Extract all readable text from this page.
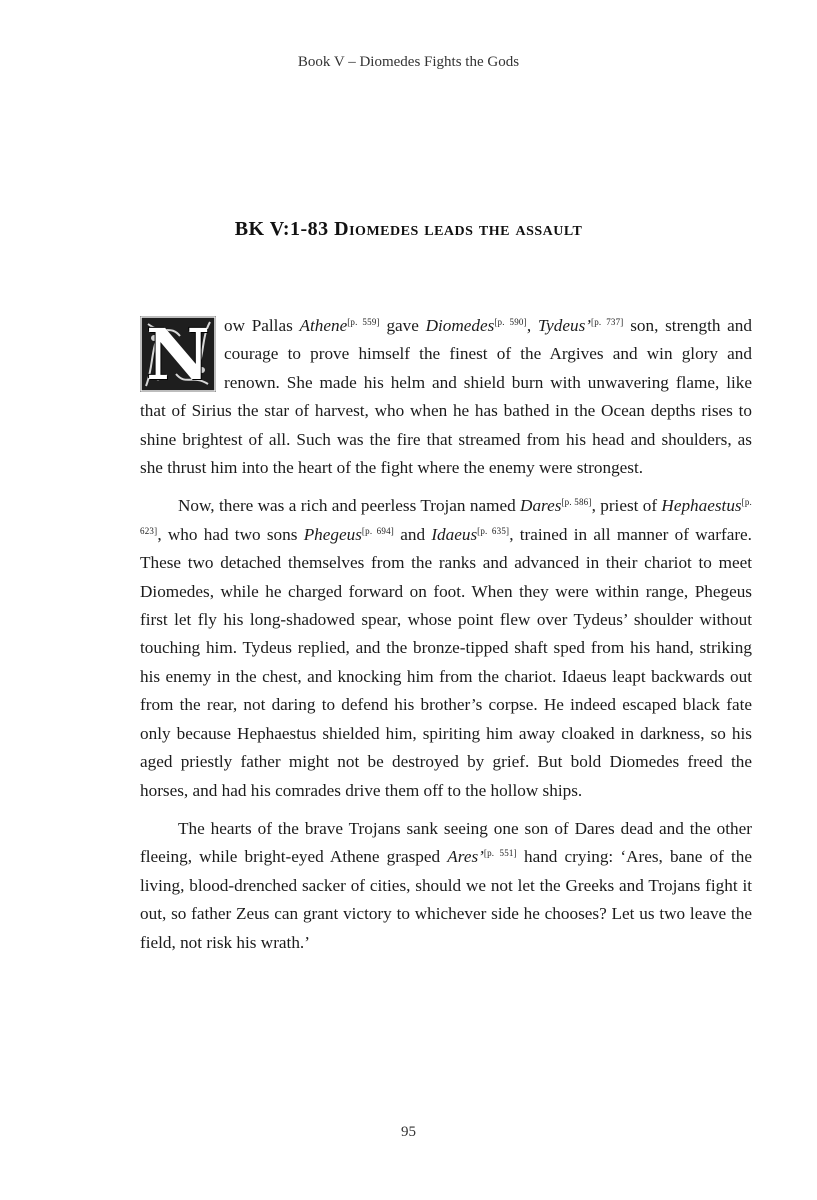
Book V – Diomedes Fights the Gods
BK V:1-83 Diomedes leads the assault

N ow Pallas Athene[p. 559] gave Diomedes[p. 590], Tydeus’[p. 737] son, strength and courage to prove himself the finest of the Argives and win glory and renown. She made his helm and shield burn with unwavering flame, like that of Sirius the star of harvest, who when he has bathed in the Ocean depths rises to shine brightest of all. Such was the fire that streamed from his head and shoulders, as she thrust him into the heart of the fight where the enemy were strongest.

Now, there was a rich and peerless Trojan named Dares[p. 586], priest of Hephaestus[p. 623], who had two sons Phegeus[p. 694] and Idaeus[p. 635], trained in all manner of warfare. These two detached themselves from the ranks and advanced in their chariot to meet Diomedes, while he charged forward on foot. When they were within range, Phegeus first let fly his long-shadowed spear, whose point flew over Tydeus’ shoulder without touching him. Tydeus replied, and the bronze-tipped shaft sped from his hand, striking his enemy in the chest, and knocking him from the chariot. Idaeus leapt backwards out from the rear, not daring to defend his brother’s corpse. He indeed escaped black fate only because Hephaestus shielded him, spiriting him away cloaked in darkness, so his aged priestly father might not be destroyed by grief. But bold Diomedes freed the horses, and had his comrades drive them off to the hollow ships.

The hearts of the brave Trojans sank seeing one son of Dares dead and the other fleeing, while bright-eyed Athene grasped Ares’[p. 551] hand crying: ‘Ares, bane of the living, blood-drenched sacker of cities, should we not let the Greeks and Trojans fight it out, so father Zeus can grant victory to whichever side he chooses? Let us two leave the field, not risk his wrath.’

95
